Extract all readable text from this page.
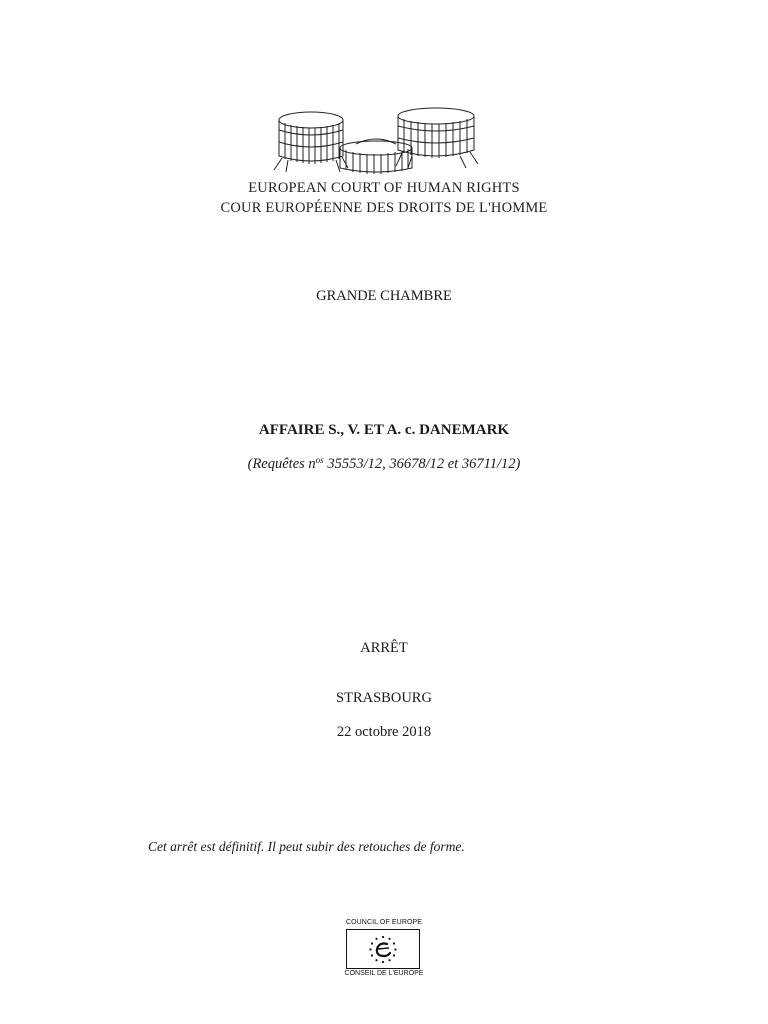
EUROPEAN COURT OF HUMAN RIGHTS
COUR EUROPÉENNE DES DROITS DE L'HOMME
GRANDE CHAMBRE
AFFAIRE S., V. ET A. c. DANEMARK
(Requêtes $n^{os}$ 35553/12, 36678/12 et 36711/12)
ARRÊT
STRASBOURG
22 octobre 2018
Cet arrêt est définitif. Il peut subir des retouches de forme.
COUNCIL OF EUROPE
CONSEIL DE L'EUROPE
